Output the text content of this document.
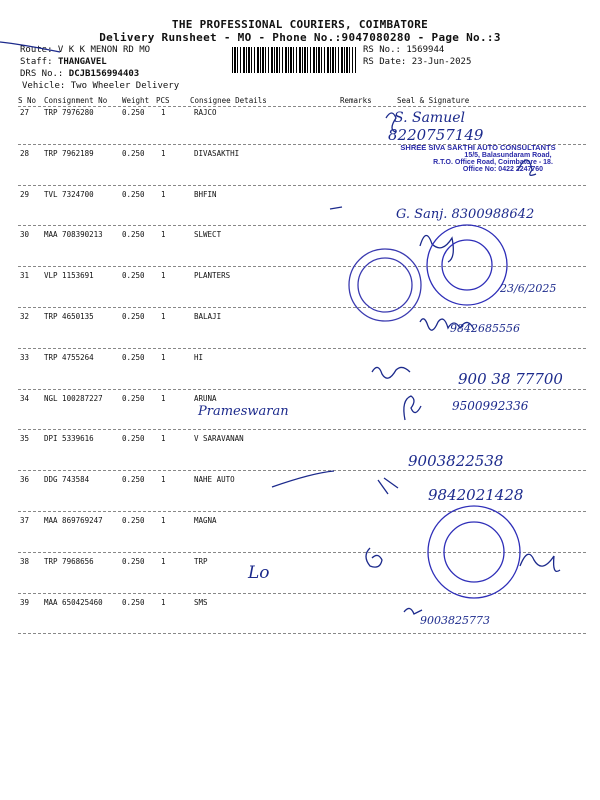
THE PROFESSIONAL COURIERS, COIMBATORE
Delivery Runsheet - MO - Phone No.:9047080280 - Page No.:3
Route: V K K MENON RD MO
Staff: THANGAVEL
DRS No.: DCJB156994403
Vehicle: Two Wheeler Delivery
RS No.: 1569944
RS Date: 23-Jun-2025
S No Consignment No Weight PCS	Consignee Details	Remarks	Seal & Signature
27 TRP 7976280	0.250 1	RAJCO
28 TRP 7962189	0.250 1	DIVASAKTHI
29 TVL 7324700	0.250 1	BHFIN
30 MAA 708390213	0.250 1	SLWECT
31 VLP 1153691	0.250 1	PLANTERS
32 TRP 4650135	0.250 1	BALAJI
33 TRP 4755264	0.250 1	HI
34 NGL 100287227	0.250 1	ARUNA
35 DPI 5339616	0.250 1	V SARAVANAN
36 DDG 743584	0.250 1	NAHE AUTO
37 MAA 869769247	0.250 1	MAGNA
38 TRP 7968656	0.250 1	TRP
39 MAA 650425460	0.250 1	SMS
SHREE SIVA SAKTHI AUTO CONSULTANTS
15/5, Balasundaram Road,
R.T.O. Office Road, Coimbatore - 18.
Office No: 0422 2247760
S. Samuel
8220757149
G. Sanj. 8300988642
23/6/2025
9842685556
900 38 77700
Prameswaran	9500992336
9003822538
9842021428
Lo
9003825773
